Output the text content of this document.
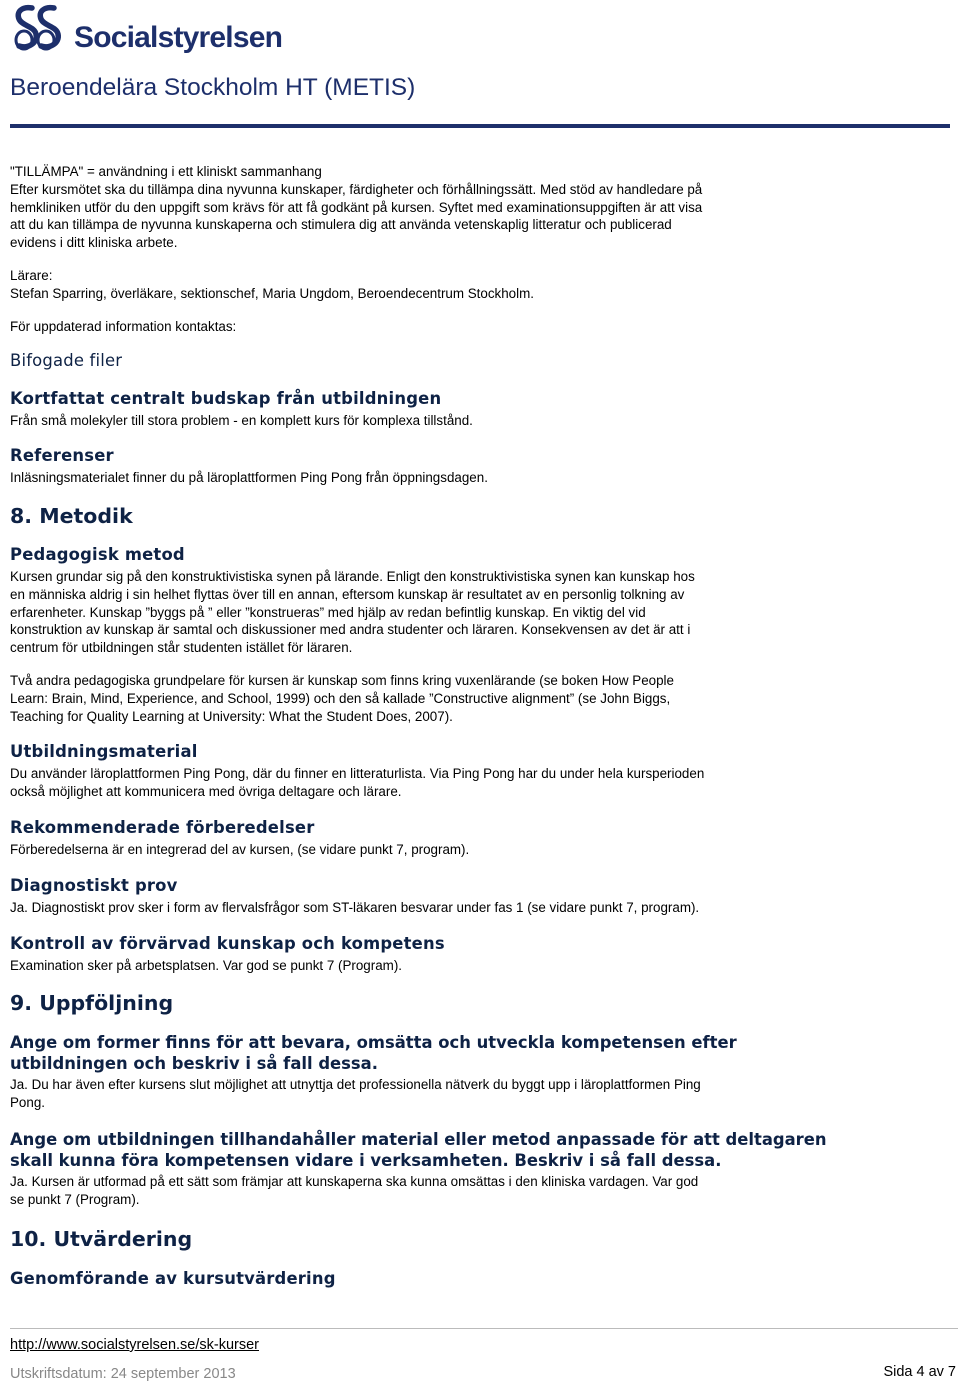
Socialstyrelsen
Beroendelära Stockholm HT (METIS)

"TILLÄMPA" = användning i ett kliniskt sammanhang

Efter kursmötet ska du tillämpa dina nyvunna kunskaper, färdigheter och förhållningssätt. Med stöd av handledare på

hemkliniken utför du den uppgift som krävs för att få godkänt på kursen. Syftet med examinationsuppgiften är att visa

att du kan tillämpa de nyvunna kunskaperna och stimulera dig att använda vetenskaplig litteratur och publicerad

evidens i ditt kliniska arbete.

Lärare:

Stefan Sparring, överläkare, sektionschef, Maria Ungdom, Beroendecentrum Stockholm.

För uppdaterad information kontaktas:

Bifogade filer
Kortfattat centralt budskap från utbildningen

Från små molekyler till stora problem - en komplett kurs för komplexa tillstånd.

Referenser

Inläsningsmaterialet finner du på läroplattformen Ping Pong från öppningsdagen.

8. Metodik
Pedagogisk metod

Kursen grundar sig på den konstruktivistiska synen på lärande. Enligt den konstruktivistiska synen kan kunskap hos

en människa aldrig i sin helhet flyttas över till en annan, eftersom kunskap är resultatet av en personlig tolkning av

erfarenheter. Kunskap ”byggs på ” eller ”konstrueras” med hjälp av redan befintlig kunskap. En viktig del vid

konstruktion av kunskap är samtal och diskussioner med andra studenter och läraren. Konsekvensen av det är att i

centrum för utbildningen står studenten istället för läraren.

Två andra pedagogiska grundpelare för kursen är kunskap som finns kring vuxenlärande (se boken How People

Learn: Brain, Mind, Experience, and School, 1999) och den så kallade ”Constructive alignment” (se John Biggs,

Teaching for Quality Learning at University: What the Student Does, 2007).

Utbildningsmaterial

Du använder läroplattformen Ping Pong, där du finner en litteraturlista. Via Ping Pong har du under hela kursperioden

också möjlighet att kommunicera med övriga deltagare och lärare.

Rekommenderade förberedelser

Förberedelserna är en integrerad del av kursen, (se vidare punkt 7, program).

Diagnostiskt prov

Ja. Diagnostiskt prov sker i form av flervalsfrågor som ST-läkaren besvarar under fas 1 (se vidare punkt 7, program).

Kontroll av förvärvad kunskap och kompetens

Examination sker på arbetsplatsen. Var god se punkt 7 (Program).

9. Uppföljning
Ange om former finns för att bevara, omsätta och utveckla kompetensen efter
utbildningen och beskriv i så fall dessa.

Ja. Du har även efter kursens slut möjlighet att utnyttja det professionella nätverk du byggt upp i läroplattformen Ping

Pong.

Ange om utbildningen tillhandahåller material eller metod anpassade för att deltagaren
skall kunna föra kompetensen vidare i verksamheten. Beskriv i så fall dessa.

Ja. Kursen är utformad på ett sätt som främjar att kunskaperna ska kunna omsättas i den kliniska vardagen. Var god

se punkt 7 (Program).

10. Utvärdering
Genomförande av kursutvärdering
http://www.socialstyrelsen.se/sk-kurser
Utskriftsdatum: 24 september 2013	Sida 4 av 7
